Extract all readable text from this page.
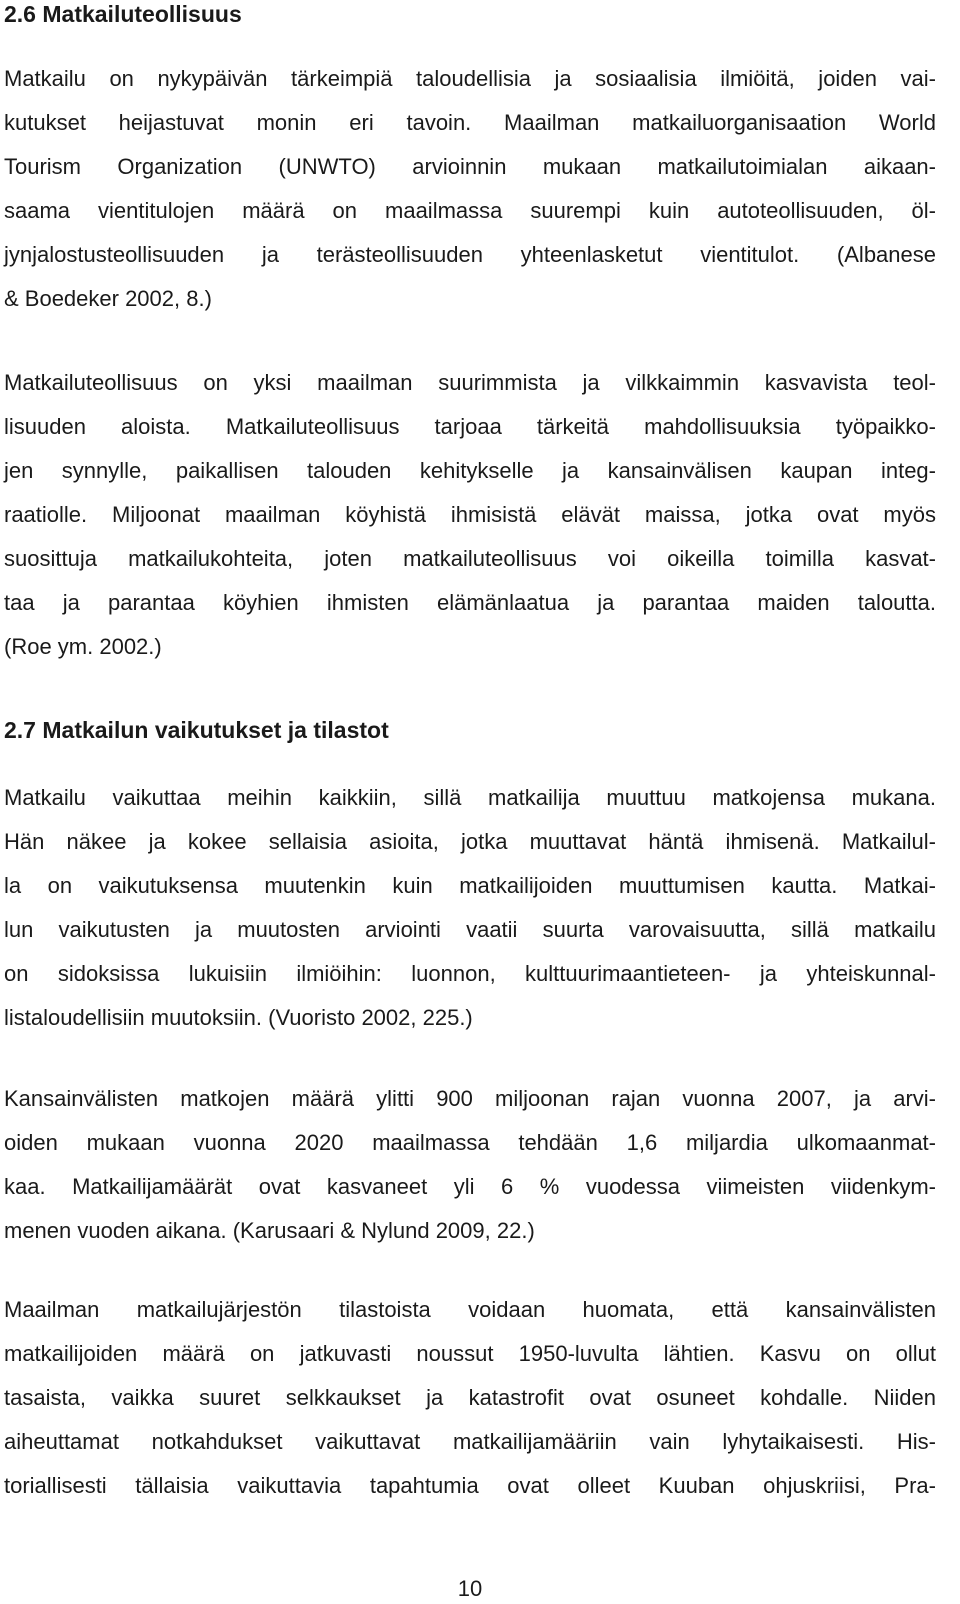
2.6 Matkailuteollisuus
Matkailu on nykypäivän tärkeimpiä taloudellisia ja sosiaalisia ilmiöitä, joiden vai-
kutukset heijastuvat monin eri tavoin. Maailman matkailuorganisaation World
Tourism Organization (UNWTO) arvioinnin mukaan matkailutoimialan aikaan-
saama vientitulojen määrä on maailmassa suurempi kuin autoteollisuuden, öl-
jynjalostusteollisuuden ja terästeollisuuden yhteenlasketut vientitulot. (Albanese
& Boedeker 2002, 8.)
Matkailuteollisuus on yksi maailman suurimmista ja vilkkaimmin kasvavista teol-
lisuuden aloista. Matkailuteollisuus tarjoaa tärkeitä mahdollisuuksia työpaikko-
jen synnylle, paikallisen talouden kehitykselle ja kansainvälisen kaupan integ-
raatiolle. Miljoonat maailman köyhistä ihmisistä elävät maissa, jotka ovat myös
suosittuja matkailukohteita, joten matkailuteollisuus voi oikeilla toimilla kasvat-
taa ja parantaa köyhien ihmisten elämänlaatua ja parantaa maiden taloutta.
(Roe ym. 2002.)
2.7 Matkailun vaikutukset ja tilastot
Matkailu vaikuttaa meihin kaikkiin, sillä matkailija muuttuu matkojensa mukana.
Hän näkee ja kokee sellaisia asioita, jotka muuttavat häntä ihmisenä. Matkailul-
la on vaikutuksensa muutenkin kuin matkailijoiden muuttumisen kautta. Matkai-
lun vaikutusten ja muutosten arviointi vaatii suurta varovaisuutta, sillä matkailu
on sidoksissa lukuisiin ilmiöihin: luonnon, kulttuurimaantieteen- ja yhteiskunnal-
listaloudellisiin muutoksiin. (Vuoristo 2002, 225.)
Kansainvälisten matkojen määrä ylitti 900 miljoonan rajan vuonna 2007, ja arvi-
oiden mukaan vuonna 2020 maailmassa tehdään 1,6 miljardia ulkomaanmat-
kaa. Matkailijamäärät ovat kasvaneet yli 6 % vuodessa viimeisten viidenkym-
menen vuoden aikana. (Karusaari & Nylund 2009, 22.)
Maailman matkailujärjestön tilastoista voidaan huomata, että kansainvälisten
matkailijoiden määrä on jatkuvasti noussut 1950-luvulta lähtien. Kasvu on ollut
tasaista, vaikka suuret selkkaukset ja katastrofit ovat osuneet kohdalle. Niiden
aiheuttamat notkahdukset vaikuttavat matkailijamääriin vain lyhytaikaisesti. His-
toriallisesti tällaisia vaikuttavia tapahtumia ovat olleet Kuuban ohjuskriisi, Pra-
10
